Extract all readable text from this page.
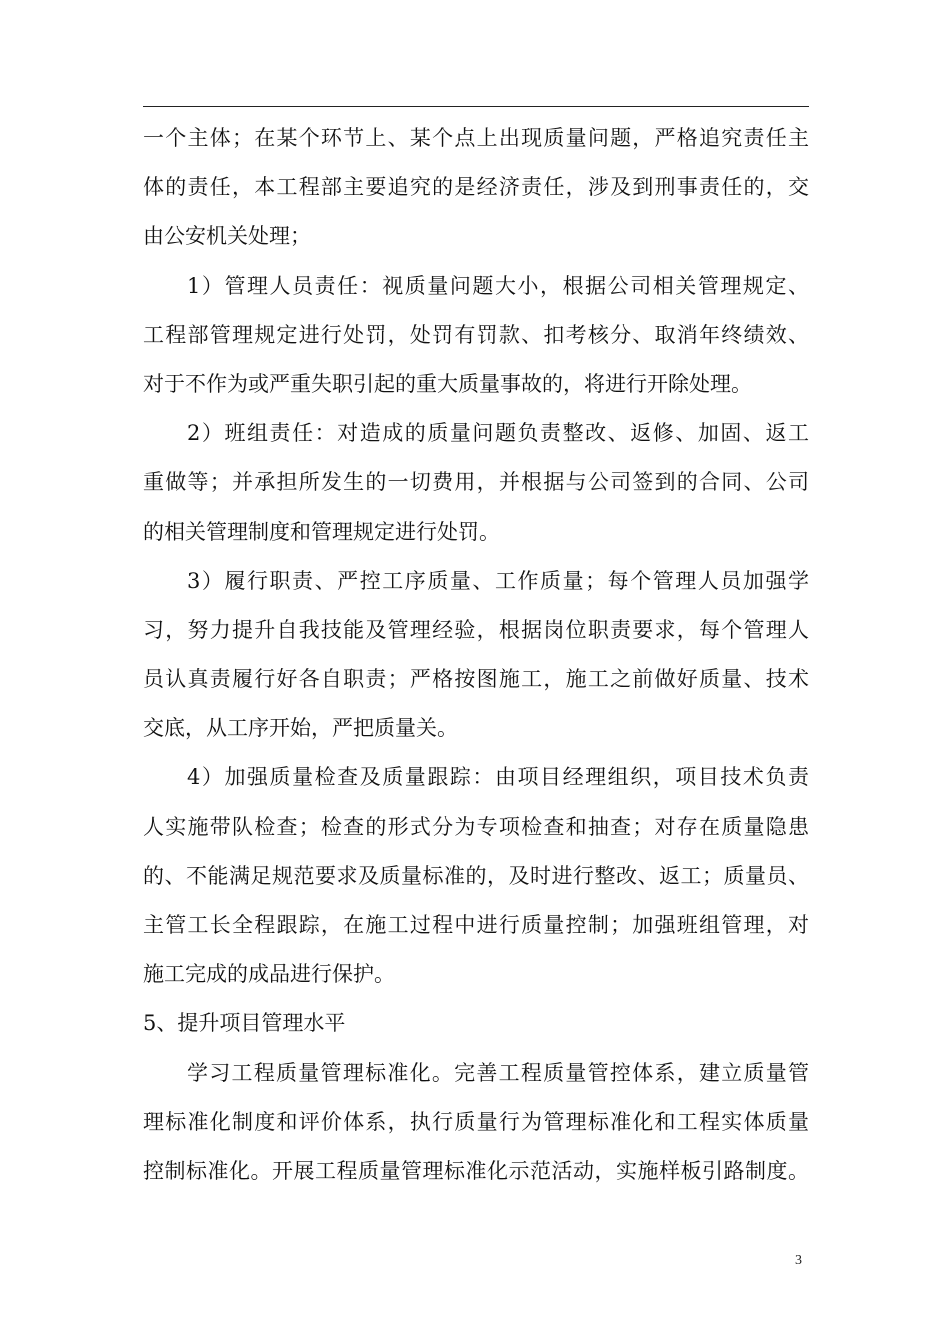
一个主体；在某个环节上、某个点上出现质量问题，严格追究责任主
体的责任，本工程部主要追究的是经济责任，涉及到刑事责任的，交
由公安机关处理；
1）管理人员责任：视质量问题大小，根据公司相关管理规定、
工程部管理规定进行处罚，处罚有罚款、扣考核分、取消年终绩效、
对于不作为或严重失职引起的重大质量事故的，将进行开除处理。
2）班组责任：对造成的质量问题负责整改、返修、加固、返工
重做等；并承担所发生的一切费用，并根据与公司签到的合同、公司
的相关管理制度和管理规定进行处罚。
3）履行职责、严控工序质量、工作质量；每个管理人员加强学
习，努力提升自我技能及管理经验，根据岗位职责要求，每个管理人
员认真责履行好各自职责；严格按图施工，施工之前做好质量、技术
交底，从工序开始，严把质量关。
4）加强质量检查及质量跟踪：由项目经理组织，项目技术负责
人实施带队检查；检查的形式分为专项检查和抽查；对存在质量隐患
的、不能满足规范要求及质量标准的，及时进行整改、返工；质量员、
主管工长全程跟踪，在施工过程中进行质量控制；加强班组管理，对
施工完成的成品进行保护。
5、提升项目管理水平
学习工程质量管理标准化。完善工程质量管控体系，建立质量管
理标准化制度和评价体系，执行质量行为管理标准化和工程实体质量
控制标准化。开展工程质量管理标准化示范活动，实施样板引路制度。
3
